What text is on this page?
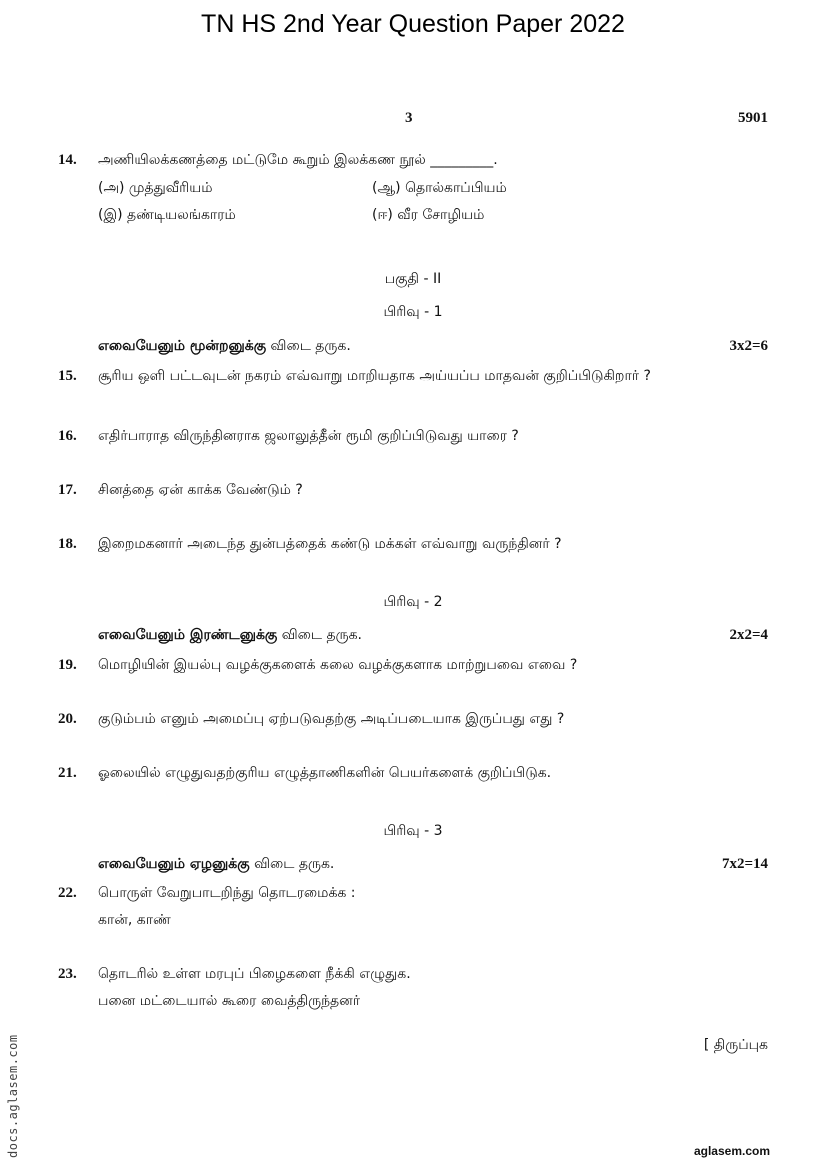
TN HS 2nd Year Question Paper 2022
3	5901
14. அணியிலக்கணத்தை மட்டுமே கூறும் இலக்கண நூல் _________.
(அ) முத்துவீரியம்	(ஆ) தொல்காப்பியம்
(இ) தண்டியலங்காரம்	(ஈ) வீர சோழியம்
பகுதி - II
பிரிவு - 1
எவையேனும் மூன்றனுக்கு விடை தருக.	3x2=6
15. சூரிய ஒளி பட்டவுடன் நகரம் எவ்வாறு மாறியதாக அய்யப்ப மாதவன் குறிப்பிடுகிறார் ?
16. எதிர்பாராத விருந்தினராக ஜலாலுத்தீன் ரூமி குறிப்பிடுவது யாரை ?
17. சினத்தை ஏன் காக்க வேண்டும் ?
18. இறைமகனார் அடைந்த துன்பத்தைக் கண்டு மக்கள் எவ்வாறு வருந்தினர் ?
பிரிவு - 2
எவையேனும் இரண்டனுக்கு விடை தருக.	2x2=4
19. மொழியின் இயல்பு வழக்குகளைக் கலை வழக்குகளாக மாற்றுபவை எவை ?
20. குடும்பம் எனும் அமைப்பு ஏற்படுவதற்கு அடிப்படையாக இருப்பது எது ?
21. ஓலையில் எழுதுவதற்குரிய எழுத்தாணிகளின் பெயர்களைக் குறிப்பிடுக.
பிரிவு - 3
எவையேனும் ஏழனுக்கு விடை தருக.	7x2=14
22. பொருள் வேறுபாடறிந்து தொடரமைக்க :
கான், காண்
23. தொடரில் உள்ள மரபுப் பிழைகளை நீக்கி எழுதுக.
பனை மட்டையால் கூரை வைத்திருந்தனர்
[ திருப்புக
docs.aglasem.com	aglasem.com
